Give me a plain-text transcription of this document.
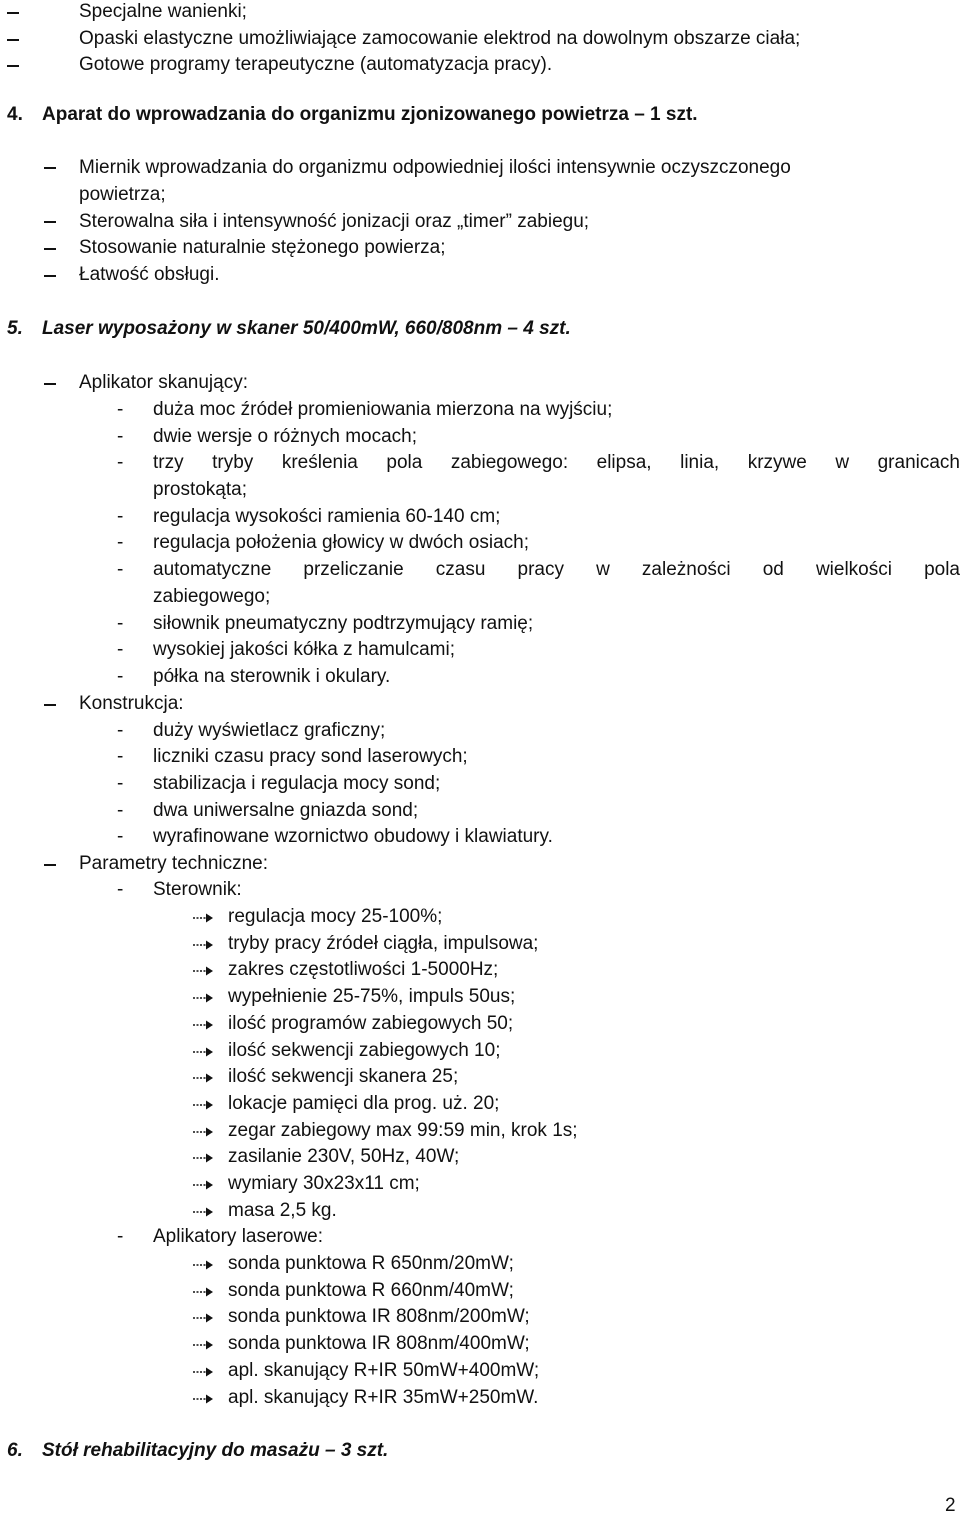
Specjalne wanienki;
Opaski elastyczne umożliwiające zamocowanie elektrod na dowolnym obszarze ciała;
Gotowe programy terapeutyczne (automatyzacja pracy).
4. Aparat do wprowadzania do organizmu zjonizowanego powietrza – 1 szt.
Miernik wprowadzania do organizmu odpowiedniej ilości intensywnie oczyszczonego
powietrza;
Sterowalna siła i intensywność jonizacji oraz „timer” zabiegu;
Stosowanie naturalnie stężonego powierza;
Łatwość obsługi.
5. Laser wyposażony w skaner 50/400mW, 660/808nm – 4 szt.
Aplikator skanujący:
- duża moc źródeł promieniowania mierzona na wyjściu;
- dwie wersje o różnych mocach;
- trzy tryby kreślenia pola zabiegowego: elipsa, linia, krzywe w granicach
prostokąta;
- regulacja wysokości ramienia 60-140 cm;
- regulacja położenia głowicy w dwóch osiach;
- automatyczne przeliczanie czasu pracy w zależności od wielkości pola
zabiegowego;
- siłownik pneumatyczny podtrzymujący ramię;
- wysokiej jakości kółka z hamulcami;
- półka na sterownik i okulary.
Konstrukcja:
- duży wyświetlacz graficzny;
- liczniki czasu pracy sond laserowych;
- stabilizacja i regulacja mocy sond;
- dwa uniwersalne gniazda sond;
- wyrafinowane wzornictwo obudowy i klawiatury.
Parametry techniczne:
- Sterownik:
regulacja mocy 25-100%;
tryby pracy źródeł ciągła, impulsowa;
zakres częstotliwości 1-5000Hz;
wypełnienie 25-75%, impuls 50us;
ilość programów zabiegowych 50;
ilość sekwencji zabiegowych 10;
ilość sekwencji skanera 25;
lokacje pamięci dla prog. uż. 20;
zegar zabiegowy max 99:59 min, krok 1s;
zasilanie 230V, 50Hz, 40W;
wymiary 30x23x11 cm;
masa 2,5 kg.
- Aplikatory laserowe:
sonda punktowa R 650nm/20mW;
sonda punktowa R 660nm/40mW;
sonda punktowa IR 808nm/200mW;
sonda punktowa IR 808nm/400mW;
apl. skanujący R+IR 50mW+400mW;
apl. skanujący R+IR 35mW+250mW.
6. Stół rehabilitacyjny do masażu – 3 szt.
2
